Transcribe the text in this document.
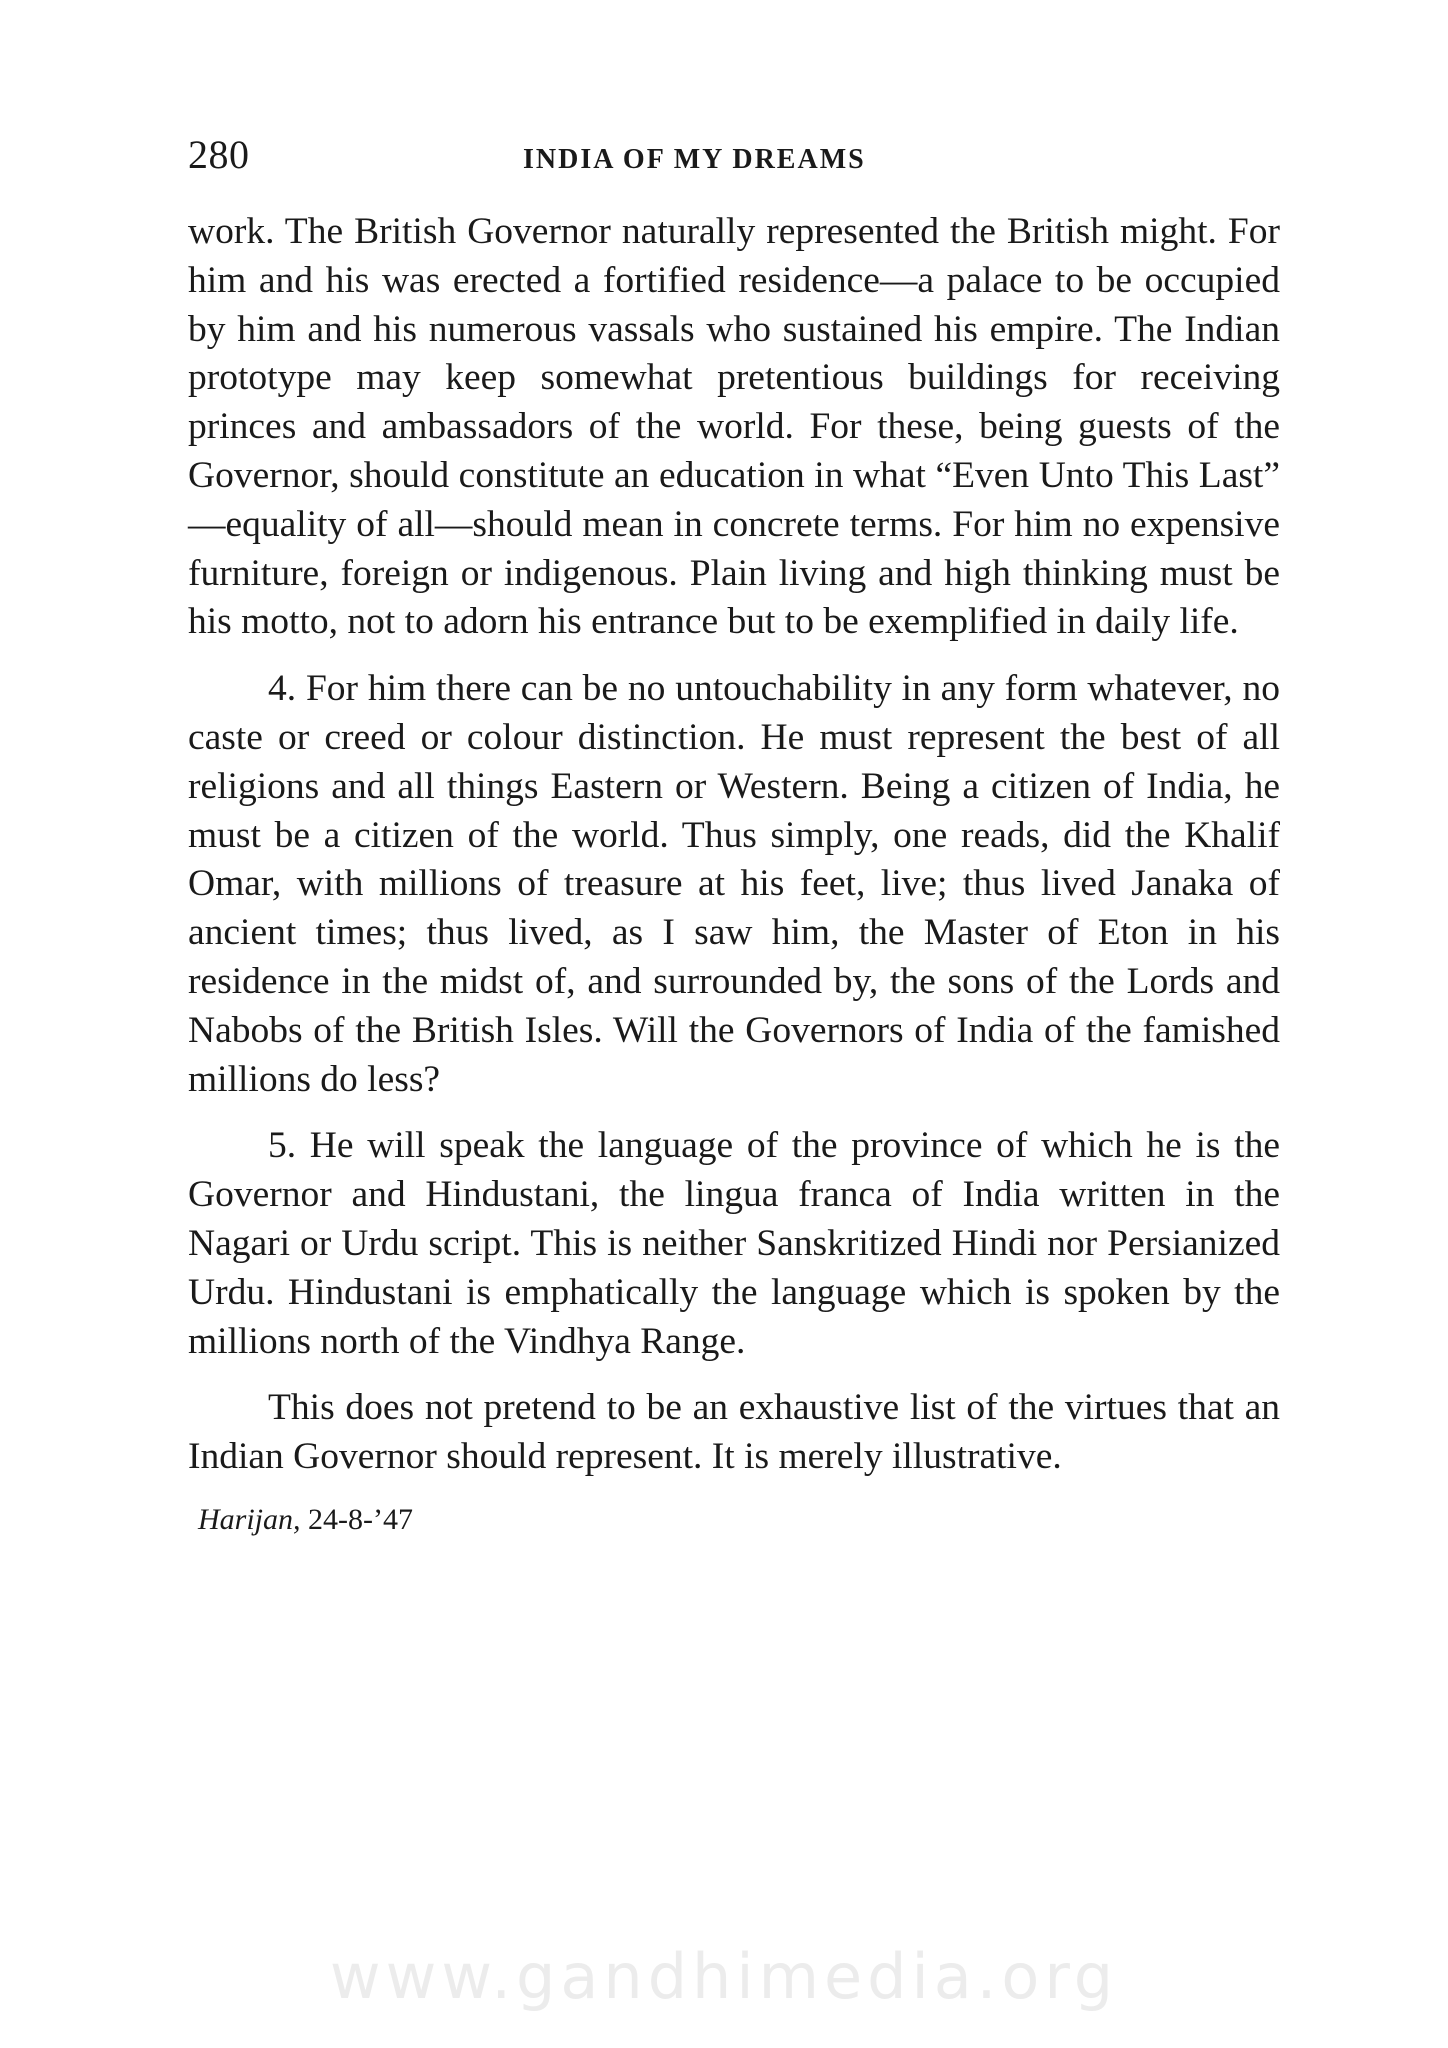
280	INDIA OF MY DREAMS

work. The British Governor naturally represented the British might. For him and his was erected a fortified residence—a palace to be occupied by him and his numerous vassals who sustained his empire. The Indian prototype may keep somewhat pretentious buildings for receiving princes and ambassadors of the world. For these, being guests of the Governor, should constitute an education in what “Even Unto This Last” —equality of all—should mean in concrete terms. For him no expensive furniture, foreign or indigenous. Plain living and high thinking must be his motto, not to adorn his entrance but to be exemplified in daily life.

4. For him there can be no untouchability in any form whatever, no caste or creed or colour distinction. He must represent the best of all religions and all things Eastern or Western. Being a citizen of India, he must be a citizen of the world. Thus simply, one reads, did the Khalif Omar, with millions of treasure at his feet, live; thus lived Janaka of ancient times; thus lived, as I saw him, the Master of Eton in his residence in the midst of, and surrounded by, the sons of the Lords and Nabobs of the British Isles. Will the Governors of India of the famished millions do less?

5. He will speak the language of the province of which he is the Governor and Hindustani, the lingua franca of India written in the Nagari or Urdu script. This is neither Sanskritized Hindi nor Persianized Urdu. Hindustani is emphatically the language which is spoken by the millions north of the Vindhya Range.

This does not pretend to be an exhaustive list of the virtues that an Indian Governor should represent. It is merely illustrative.

Harijan, 24-8-’47
www.gandhimedia.org
